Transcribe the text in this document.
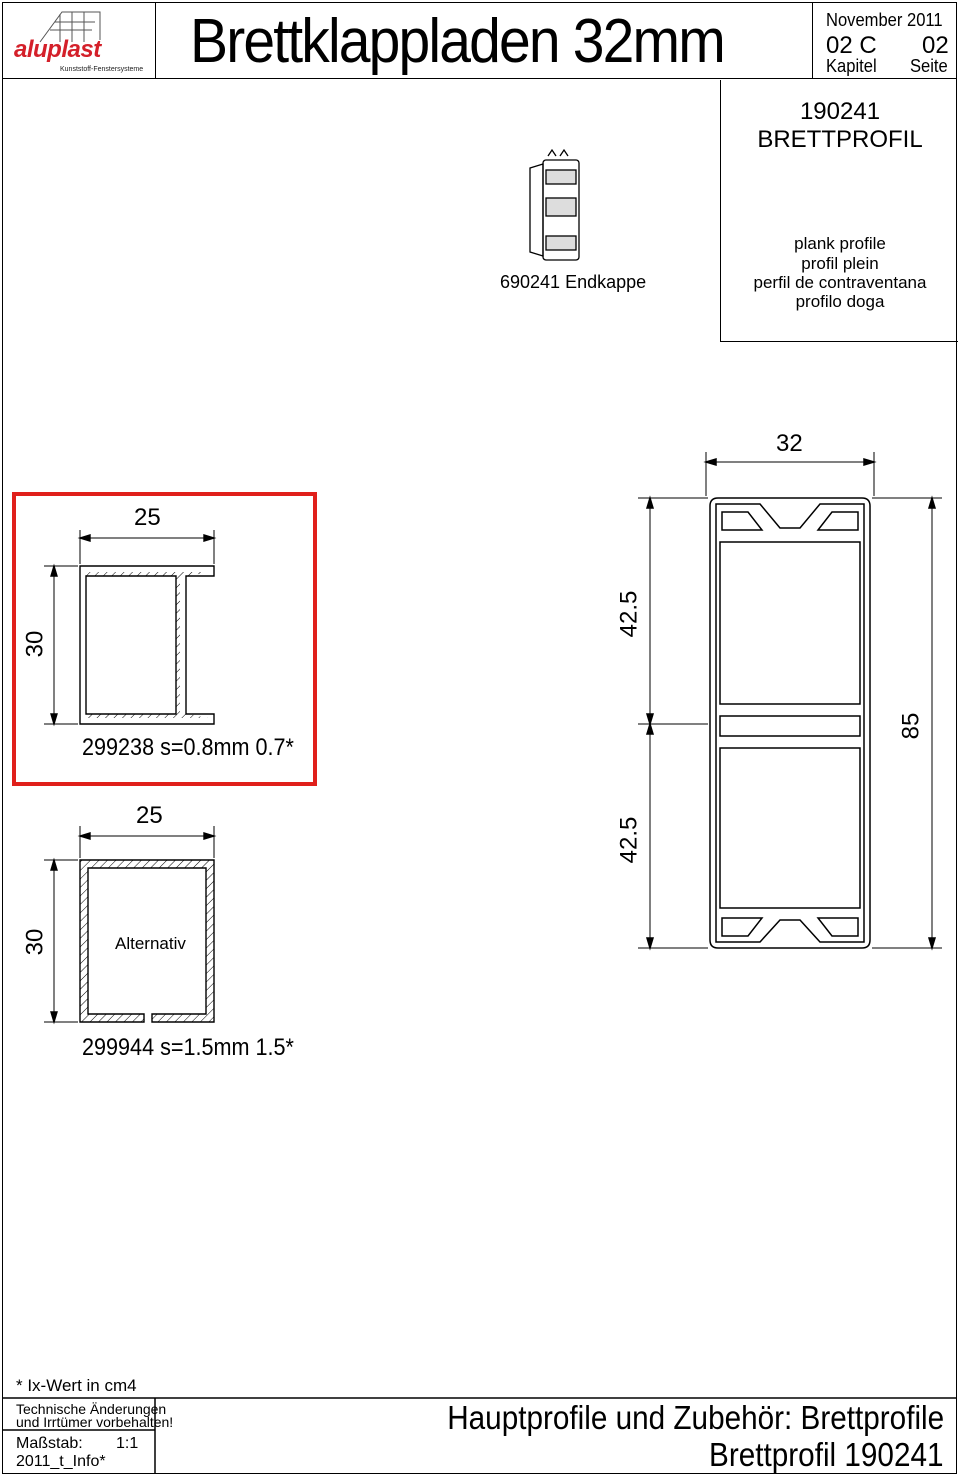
aluplast
Kunststoff-Fenstersysteme Brettklappladen 32mm	November 2011
02 C 02
Kapitel Seite
190241
BRETTPROFIL
plank profile
profil plein
perfil de contraventana
profilo doga
690241 Endkappe
25
30
299238 s=0.8mm 0.7*
25
30	Alternativ
299944 s=1.5mm 1.5*
32
42.5
42.5
85
* Ix-Wert in cm4
Technische Änderungen
und Irrtümer vorbehalten!
Maßstab: 1:1
2011_t_Info*
Hauptprofile und Zubehör: Brettprofile
Brettprofil 190241
